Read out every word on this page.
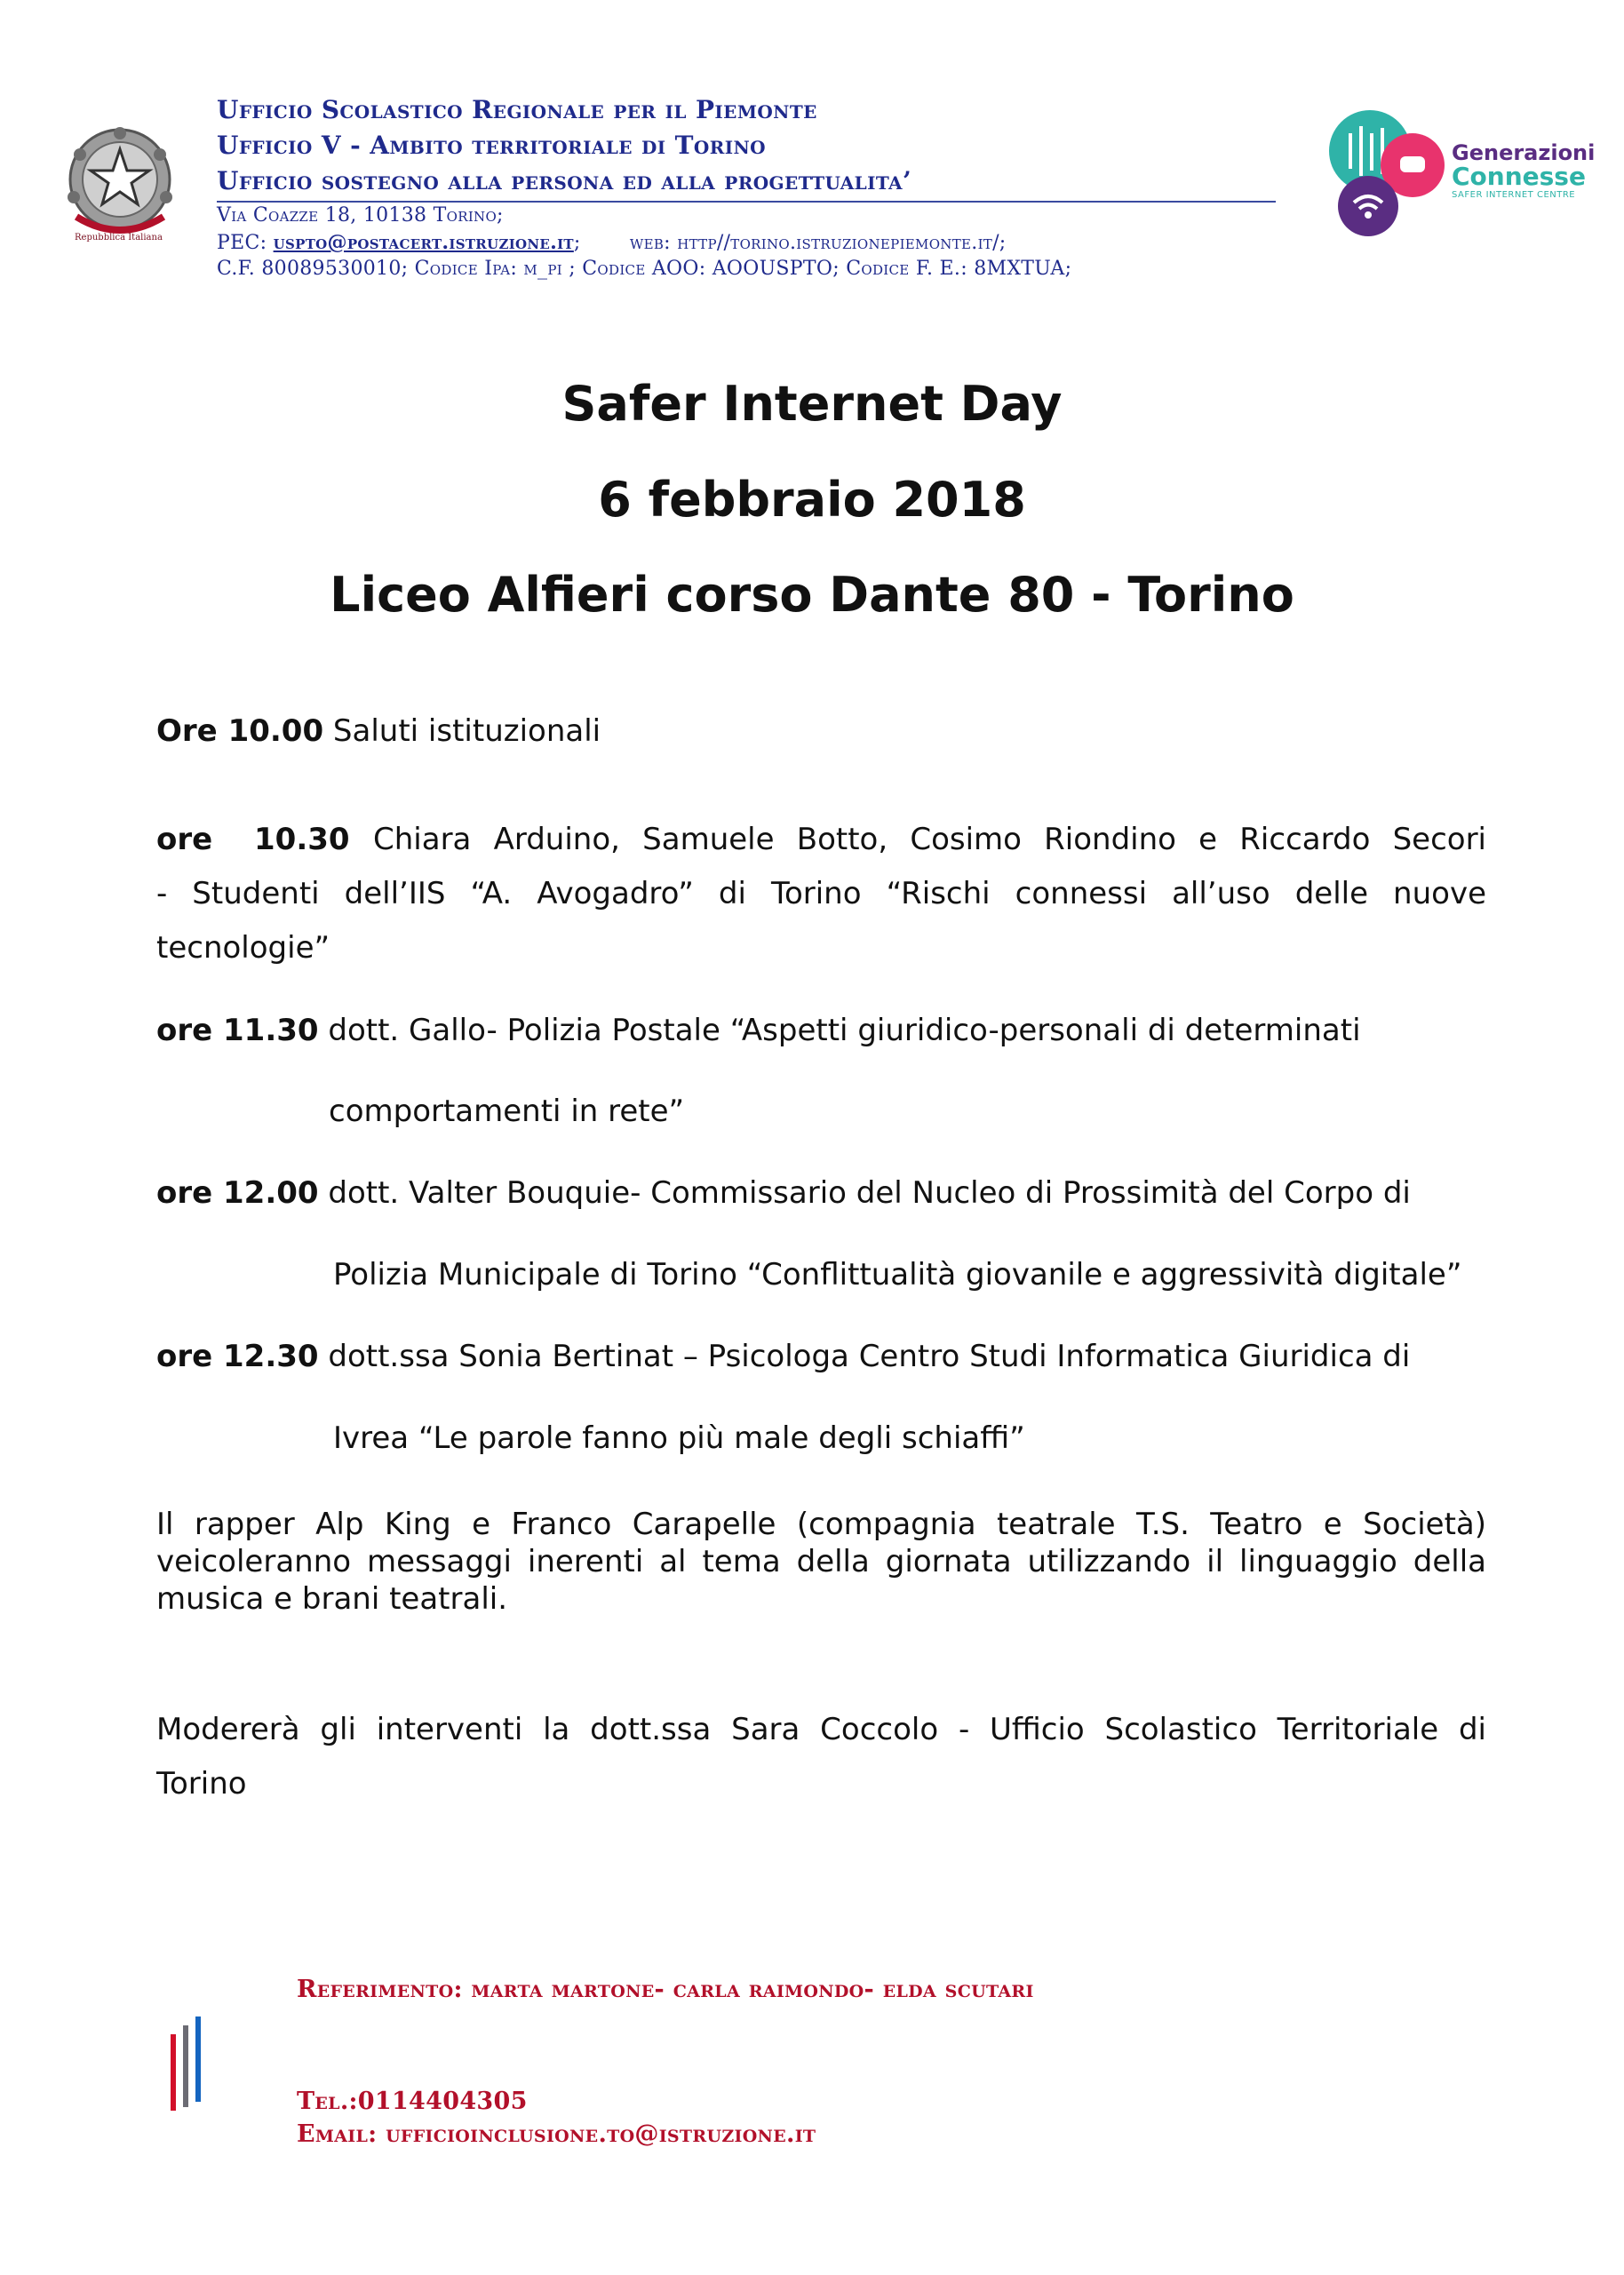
Repubblica Italiana
Ufficio Scolastico Regionale per il Piemonte
Ufficio V - Ambito territoriale di Torino
Ufficio sostegno alla persona ed alla progettualita’
Via Coazze 18, 10138 Torino;
PEC: uspto@postacert.istruzione.it;	web: http//torino.istruzionepiemonte.it/;
C.F. 80089530010; Codice Ipa: m_pi ; Codice AOO: AOOUSPTO; Codice F. E.: 8MXTUA;
Generazioni
Connesse
SAFER INTERNET CENTRE
Safer Internet Day
6 febbraio 2018
Liceo Alfieri corso Dante 80 - Torino
Ore 10.00 Saluti istituzionali
ore 10.30 Chiara Arduino, Samuele Botto, Cosimo Riondino e Riccardo Secori
- Studenti dell’IIS “A. Avogadro” di Torino “Rischi connessi all’uso delle nuove
tecnologie”
ore 11.30 dott. Gallo- Polizia Postale “Aspetti giuridico-personali di determinati
comportamenti in rete”
ore 12.00 dott. Valter Bouquie- Commissario del Nucleo di Prossimità del Corpo di
Polizia Municipale di Torino “Conflittualità giovanile e aggressività digitale”
ore 12.30 dott.ssa Sonia Bertinat – Psicologa Centro Studi Informatica Giuridica di
Ivrea “Le parole fanno più male degli schiaffi”
Il rapper Alp King e Franco Carapelle (compagnia teatrale T.S. Teatro e Società) veicoleranno messaggi inerenti al tema della giornata utilizzando il linguaggio della musica e brani teatrali.
Modererà gli interventi la dott.ssa Sara Coccolo - Ufficio Scolastico Territoriale di
Torino
Referimento: marta martone- carla raimondo- elda scutari
Tel.:0114404305
Email: ufficioinclusione.to@istruzione.it
